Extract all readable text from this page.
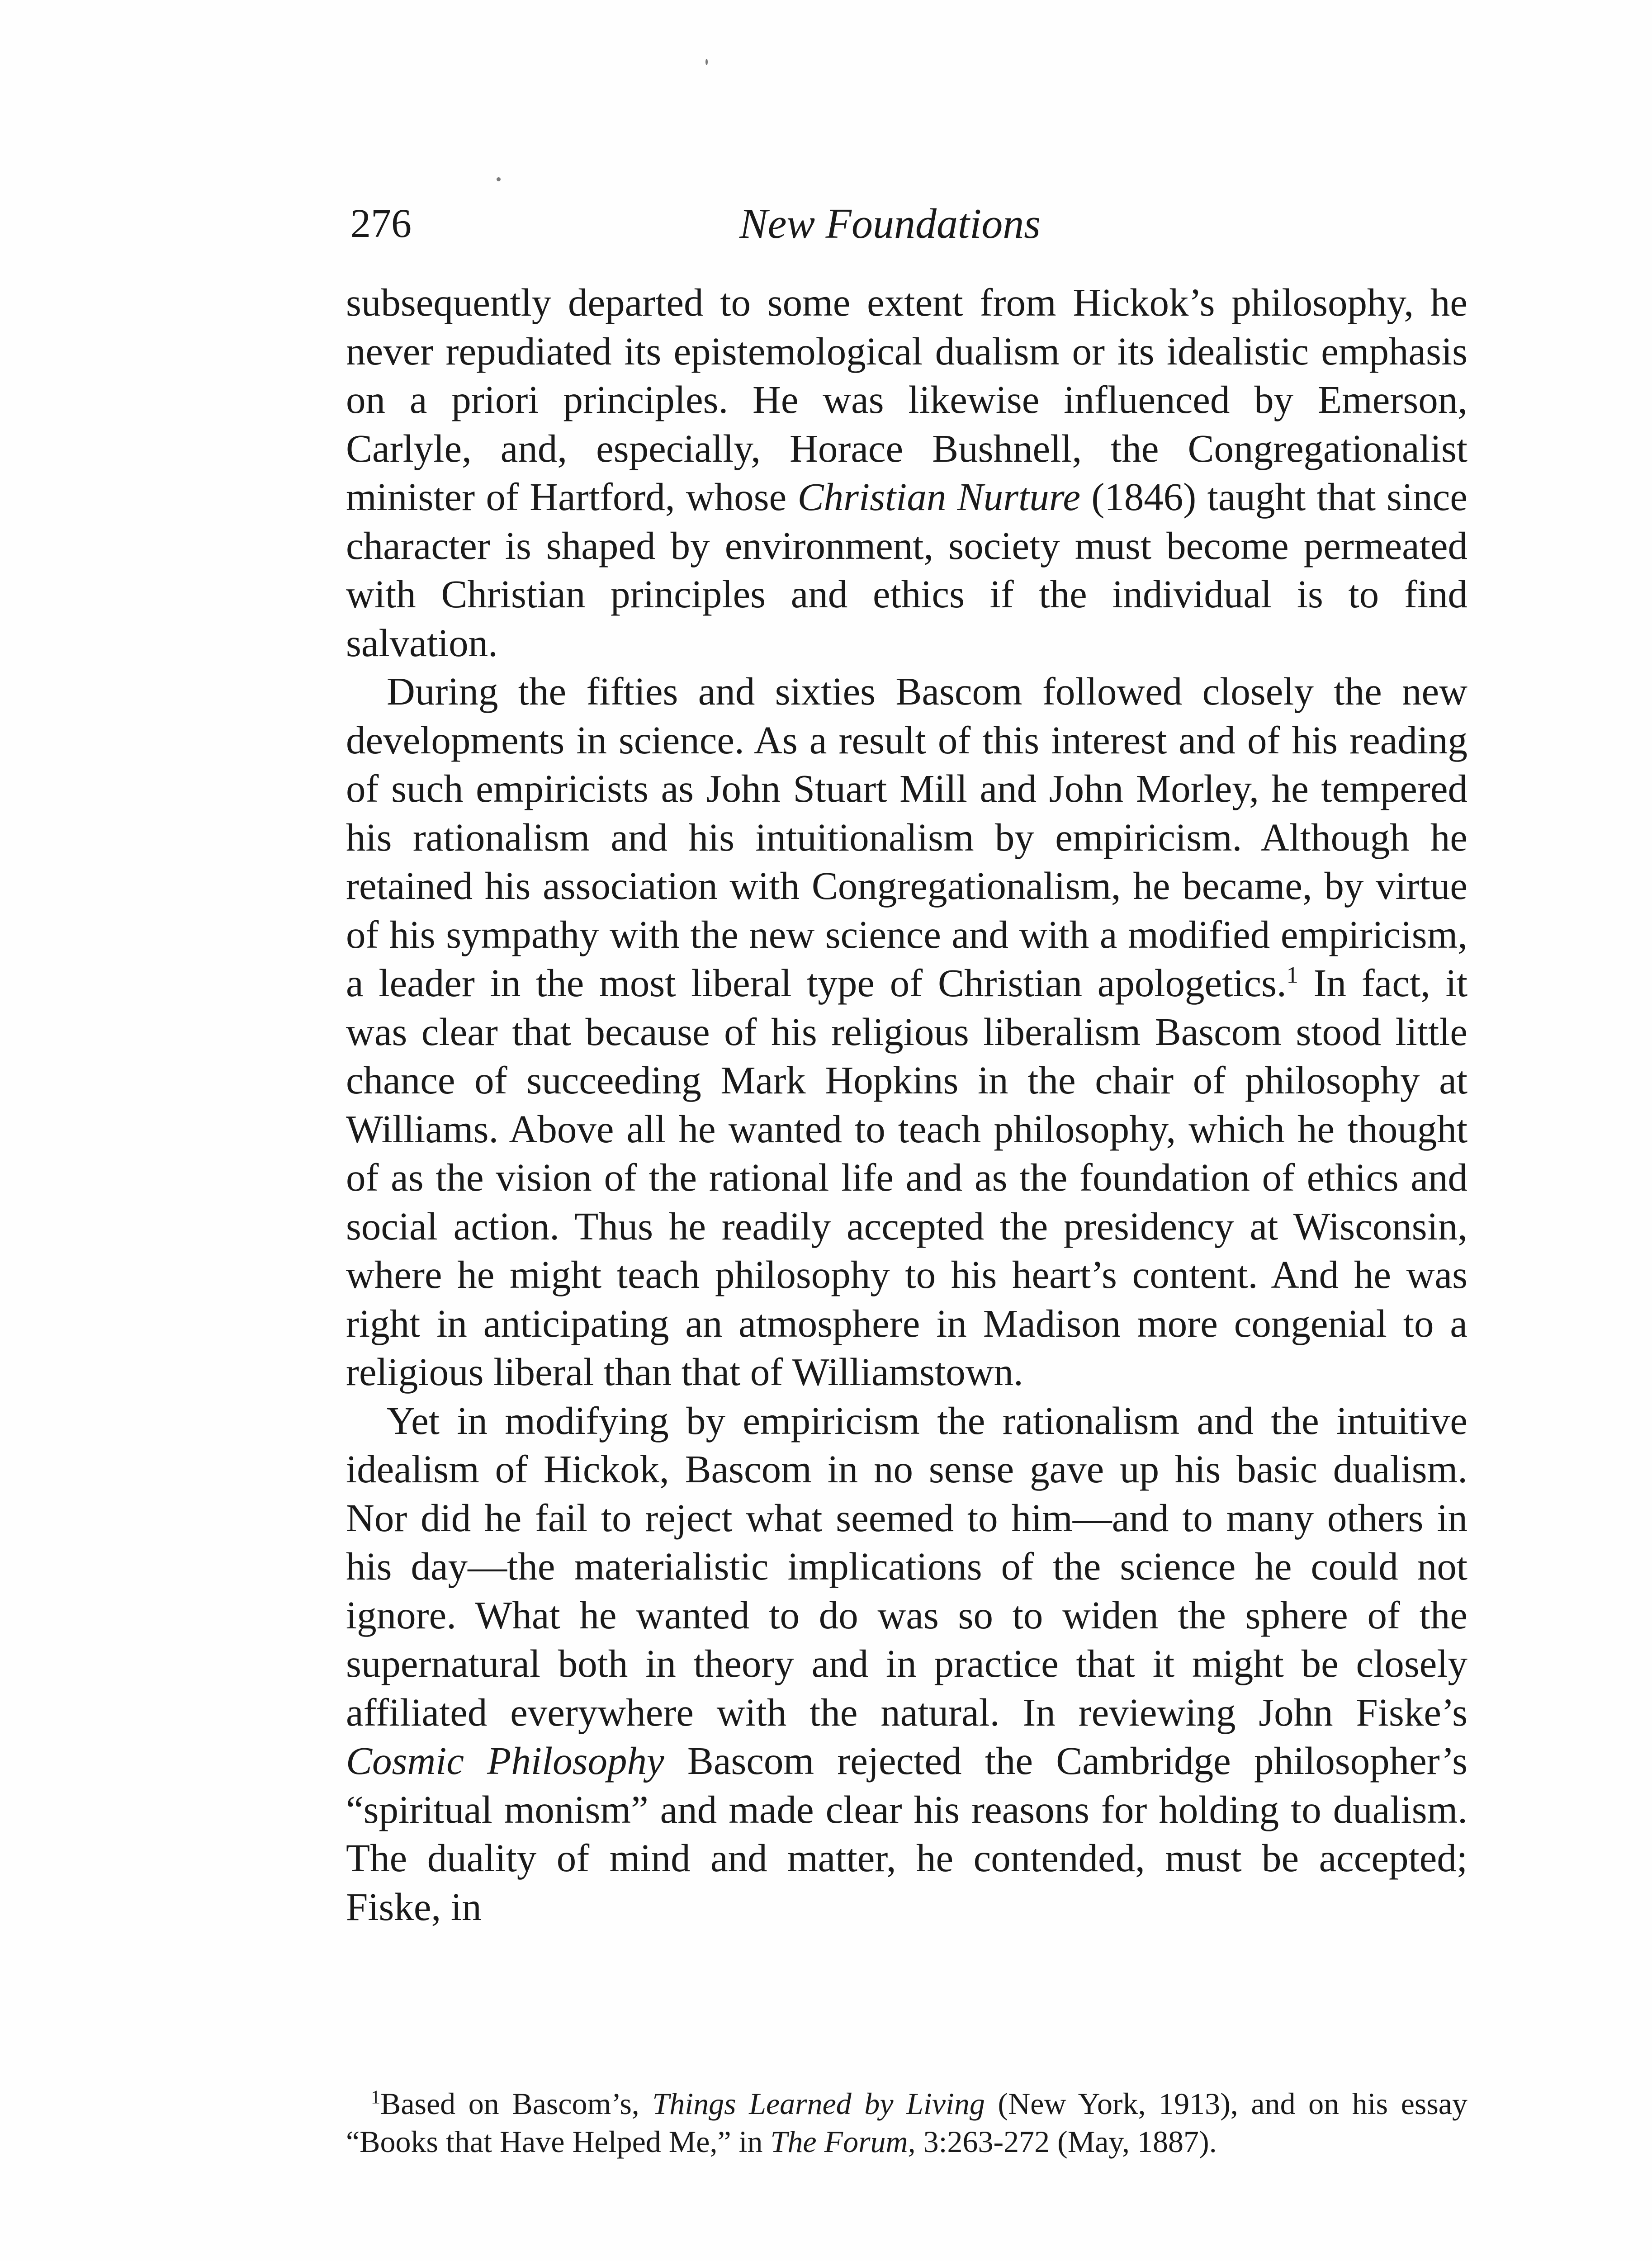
276	New Foundations

subsequently departed to some extent from Hickok’s philosophy, he never repudiated its epistemological dualism or its idealistic emphasis on a priori principles. He was likewise influenced by Emerson, Carlyle, and, especially, Horace Bushnell, the Congregationalist minister of Hartford, whose Christian Nurture (1846) taught that since character is shaped by environment, society must become permeated with Christian principles and ethics if the individual is to find salvation.

During the fifties and sixties Bascom followed closely the new developments in science. As a result of this interest and of his reading of such empiricists as John Stuart Mill and John Morley, he tempered his rationalism and his intuitionalism by empiricism. Although he retained his association with Congregationalism, he became, by virtue of his sympathy with the new science and with a modified empiricism, a leader in the most liberal type of Christian apologetics.$^1$ In fact, it was clear that because of his religious liberalism Bascom stood little chance of succeeding Mark Hopkins in the chair of philosophy at Williams. Above all he wanted to teach philosophy, which he thought of as the vision of the rational life and as the foundation of ethics and social action. Thus he readily accepted the presidency at Wisconsin, where he might teach philosophy to his heart’s content. And he was right in anticipating an atmosphere in Madison more congenial to a religious liberal than that of Williamstown.

Yet in modifying by empiricism the rationalism and the intuitive idealism of Hickok, Bascom in no sense gave up his basic dualism. Nor did he fail to reject what seemed to him—and to many others in his day—the materialistic implications of the science he could not ignore. What he wanted to do was so to widen the sphere of the supernatural both in theory and in practice that it might be closely affiliated everywhere with the natural. In reviewing John Fiske’s Cosmic Philosophy Bascom rejected the Cambridge philosopher’s “spiritual monism” and made clear his reasons for holding to dualism. The duality of mind and matter, he contended, must be accepted; Fiske, in

$^1$Based on Bascom’s, Things Learned by Living (New York, 1913), and on his essay “Books that Have Helped Me,” in The Forum, 3:263-272 (May, 1887).
